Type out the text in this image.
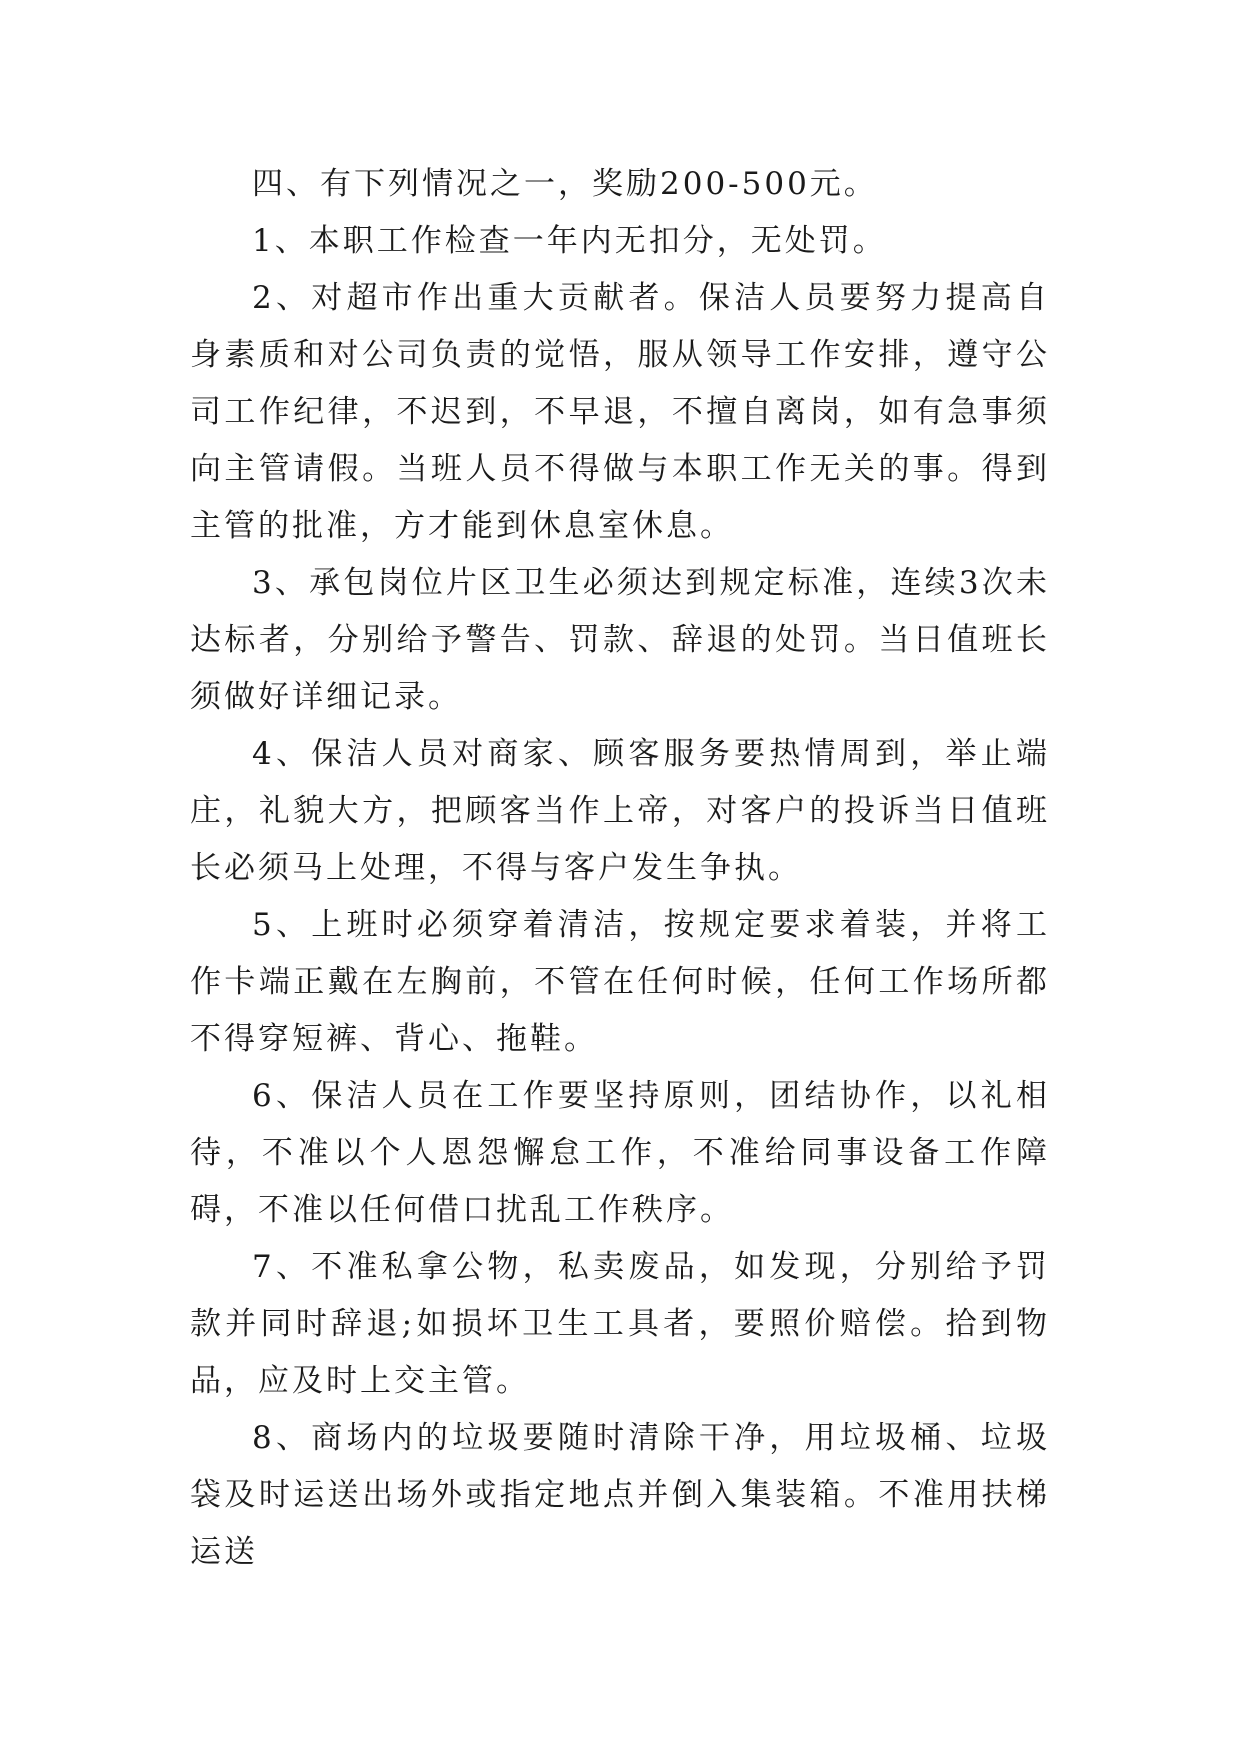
四、有下列情况之一，奖励200-500元。

1、本职工作检查一年内无扣分，无处罚。

2、对超市作出重大贡献者。保洁人员要努力提高自身素质和对公司负责的觉悟，服从领导工作安排，遵守公司工作纪律，不迟到，不早退，不擅自离岗，如有急事须向主管请假。当班人员不得做与本职工作无关的事。得到主管的批准，方才能到休息室休息。

3、承包岗位片区卫生必须达到规定标准，连续3次未达标者，分别给予警告、罚款、辞退的处罚。当日值班长须做好详细记录。

4、保洁人员对商家、顾客服务要热情周到，举止端庄，礼貌大方，把顾客当作上帝，对客户的投诉当日值班长必须马上处理，不得与客户发生争执。

5、上班时必须穿着清洁，按规定要求着装，并将工作卡端正戴在左胸前，不管在任何时候，任何工作场所都不得穿短裤、背心、拖鞋。

6、保洁人员在工作要坚持原则，团结协作，以礼相待，不准以个人恩怨懈怠工作，不准给同事设备工作障碍，不准以任何借口扰乱工作秩序。

7、不准私拿公物，私卖废品，如发现，分别给予罚款并同时辞退;如损坏卫生工具者，要照价赔偿。拾到物品，应及时上交主管。

8、商场内的垃圾要随时清除干净，用垃圾桶、垃圾袋及时运送出场外或指定地点并倒入集装箱。不准用扶梯运送
